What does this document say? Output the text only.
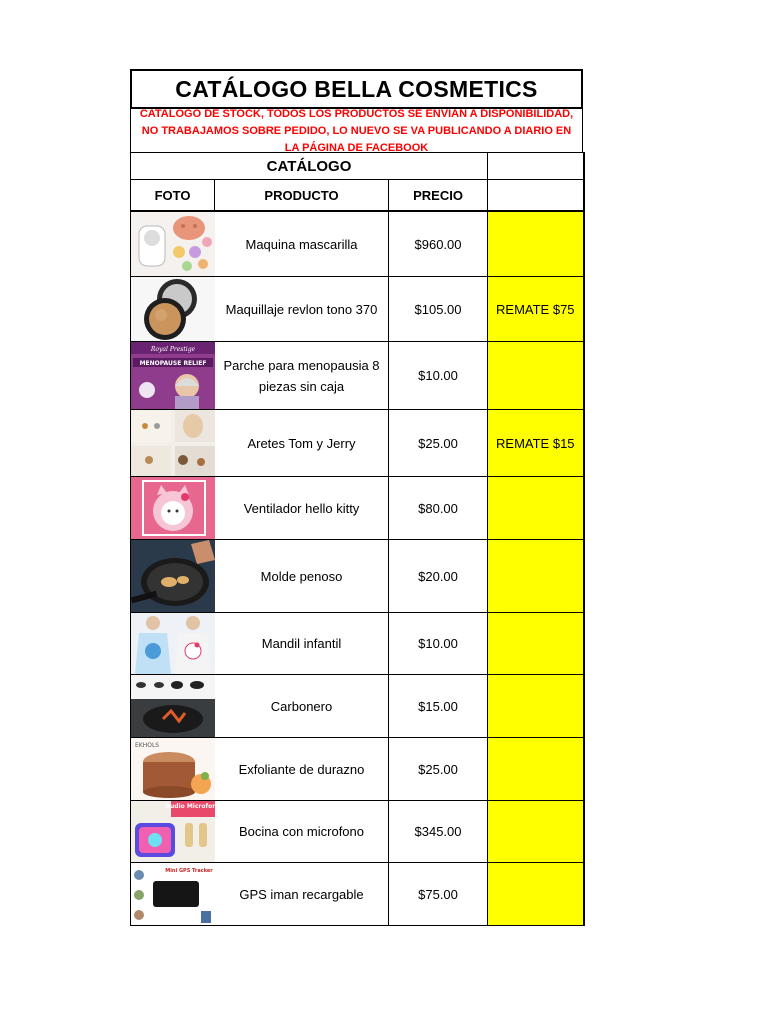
CATÁLOGO BELLA COSMETICS
CATALOGO DE STOCK, TODOS LOS PRODUCTOS SE ENVIAN A DISPONIBILIDAD, NO TRABAJAMOS SOBRE PEDIDO, LO NUEVO SE VA PUBLICANDO A DIARIO EN LA PÁGINA DE FACEBOOK
CATÁLOGO			
FOTO	PRODUCTO	PRECIO	

Maquina mascarilla	$960.00	

Maquillaje revlon tono 370	$105.00	REMATE $75

Royal Prestige
MENOPAUSE RELIEF	Parche para menopausia 8 piezas sin caja	$10.00	

Aretes Tom y Jerry	$25.00	REMATE $15

Ventilador hello kitty	$80.00	

Molde penoso	$20.00	

Mandil infantil	$10.00	

Carbonero	$15.00	

EKHOLS	Exfoliante de durazno	$25.00	

Audio Microfono	Bocina con microfono	$345.00	

Mini GPS Tracker	GPS iman recargable	$75.00	
